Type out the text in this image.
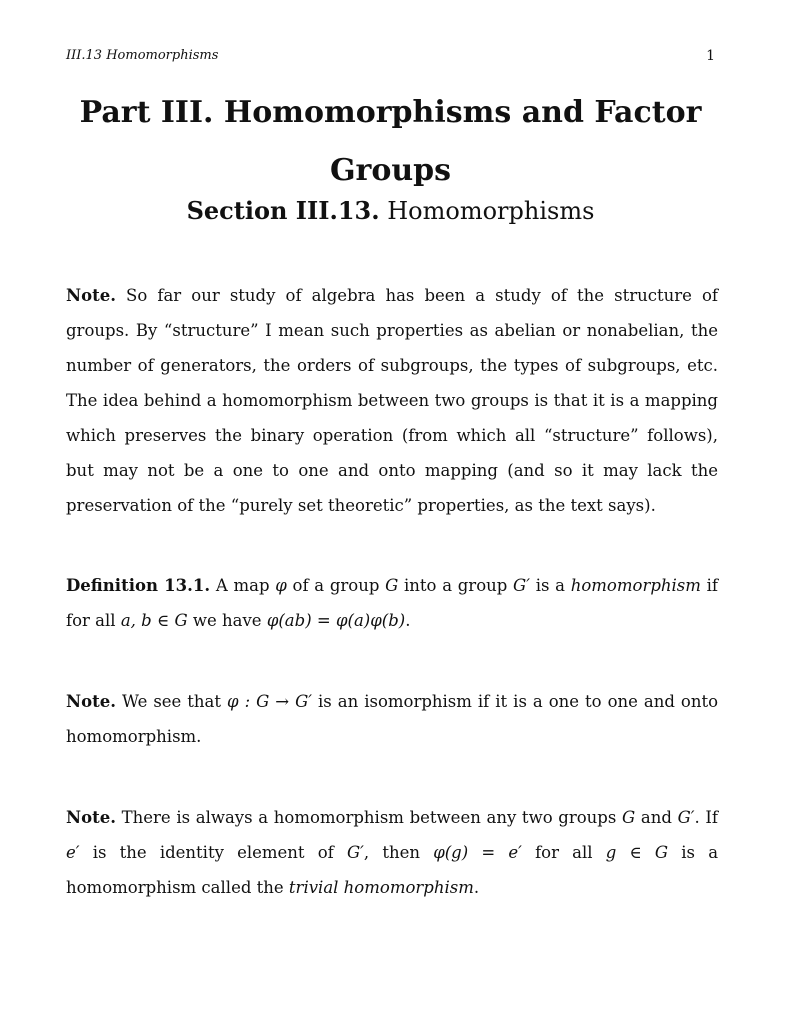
III.13 Homomorphisms	1
Part III. Homomorphisms and Factor Groups
Section III.13. Homomorphisms
Note. So far our study of algebra has been a study of the structure of groups. By “structure” I mean such properties as abelian or nonabelian, the number of generators, the orders of subgroups, the types of subgroups, etc. The idea behind a homomorphism between two groups is that it is a mapping which preserves the binary operation (from which all “structure” follows), but may not be a one to one and onto mapping (and so it may lack the preservation of the “purely set theoretic” properties, as the text says).
Definition 13.1. A map φ of a group G into a group G′ is a homomorphism if for all a, b ∈ G we have φ(ab) = φ(a)φ(b).
Note. We see that φ : G → G′ is an isomorphism if it is a one to one and onto homomorphism.
Note. There is always a homomorphism between any two groups G and G′. If e′ is the identity element of G′, then φ(g) = e′ for all g ∈ G is a homomorphism called the trivial homomorphism.
